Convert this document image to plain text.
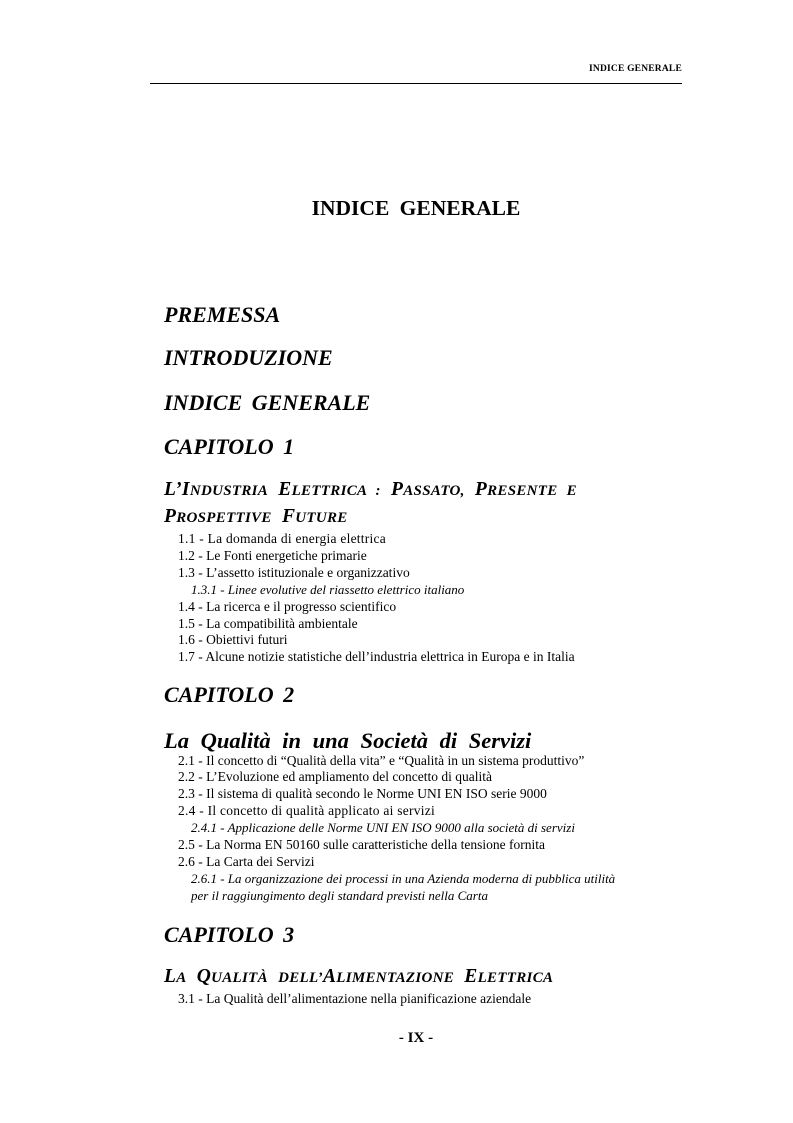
INDICE GENERALE
INDICE GENERALE
PREMESSA
INTRODUZIONE
INDICE GENERALE
CAPITOLO 1
L’INDUSTRIA ELETTRICA : PASSATO, PRESENTE E
PROSPETTIVE FUTURE
1.1 - La domanda di energia elettrica
1.2 - Le Fonti energetiche primarie
1.3 - L’assetto istituzionale e organizzativo
1.3.1 - Linee evolutive del riassetto elettrico italiano
1.4 - La ricerca e il progresso scientifico
1.5 - La compatibilità ambientale
1.6 - Obiettivi futuri
1.7 - Alcune notizie statistiche dell’industria elettrica in Europa e in Italia
CAPITOLO 2
La Qualità in una Società di Servizi
2.1 - Il concetto di “Qualità della vita” e “Qualità in un sistema produttivo”
2.2 - L’Evoluzione ed ampliamento del concetto di qualità
2.3 - Il sistema di qualità secondo le Norme UNI EN ISO serie 9000
2.4 - Il concetto di qualità applicato ai servizi
2.4.1 - Applicazione delle Norme UNI EN ISO 9000 alla società di servizi
2.5 - La Norma EN 50160 sulle caratteristiche della tensione fornita
2.6 - La Carta dei Servizi
2.6.1 - La organizzazione dei processi in una Azienda moderna di pubblica utilità
per il raggiungimento degli standard previsti nella Carta
CAPITOLO 3
LA QUALITÀ DELL’ALIMENTAZIONE ELETTRICA
3.1 - La Qualità dell’alimentazione nella pianificazione aziendale
- IX -
